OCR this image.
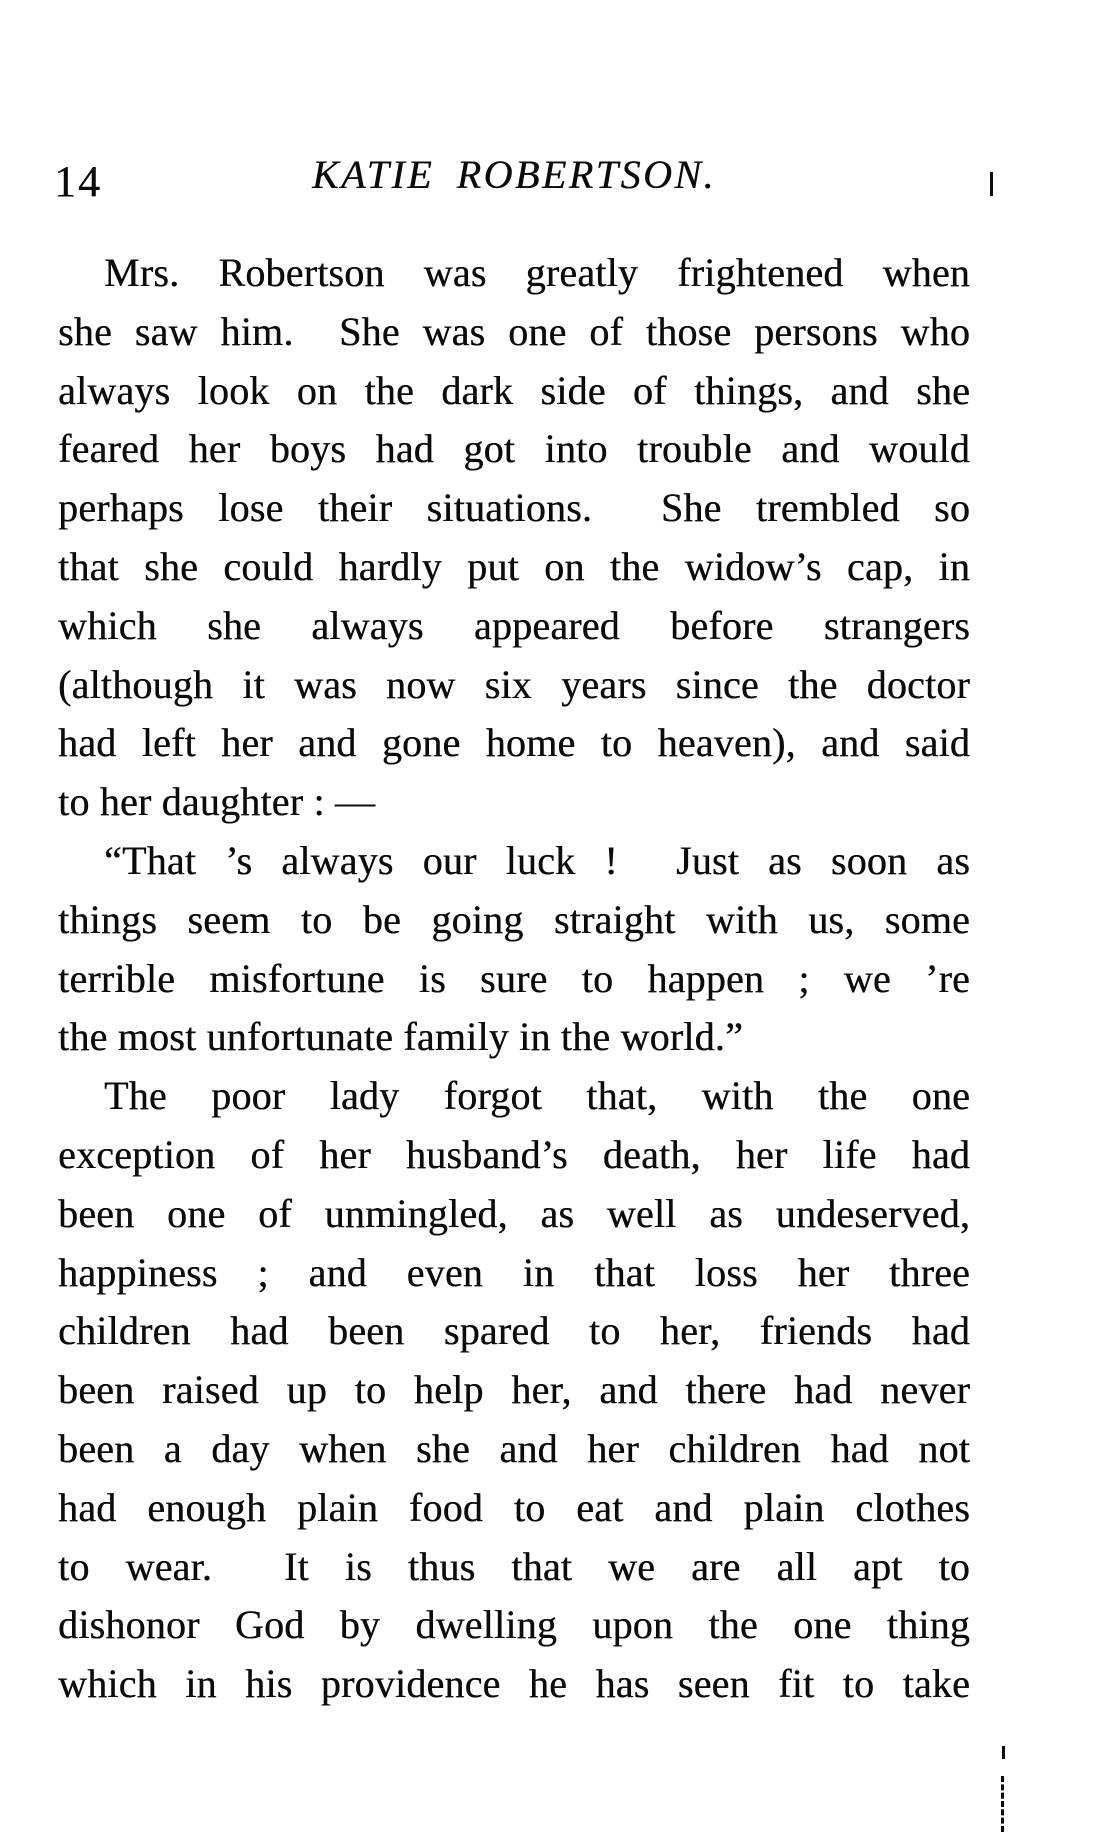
14	KATIE ROBERTSON.
Mrs. Robertson was greatly frightened when
she saw him.  She was one of those persons who
always look on the dark side of things, and she
feared her boys had got into trouble and would
perhaps lose their situations.  She trembled so
that she could hardly put on the widow’s cap, in
which she always appeared before strangers
(although it was now six years since the doctor
had left her and gone home to heaven), and said
to her daughter : —
“That ’s always our luck !  Just as soon as
things seem to be going straight with us, some
terrible misfortune is sure to happen ; we ’re
the most unfortunate family in the world.”
The poor lady forgot that, with the one
exception of her husband’s death, her life had
been one of unmingled, as well as undeserved,
happiness ; and even in that loss her three
children had been spared to her, friends had
been raised up to help her, and there had never
been a day when she and her children had not
had enough plain food to eat and plain clothes
to wear.  It is thus that we are all apt to
dishonor God by dwelling upon the one thing
which in his providence he has seen fit to take
